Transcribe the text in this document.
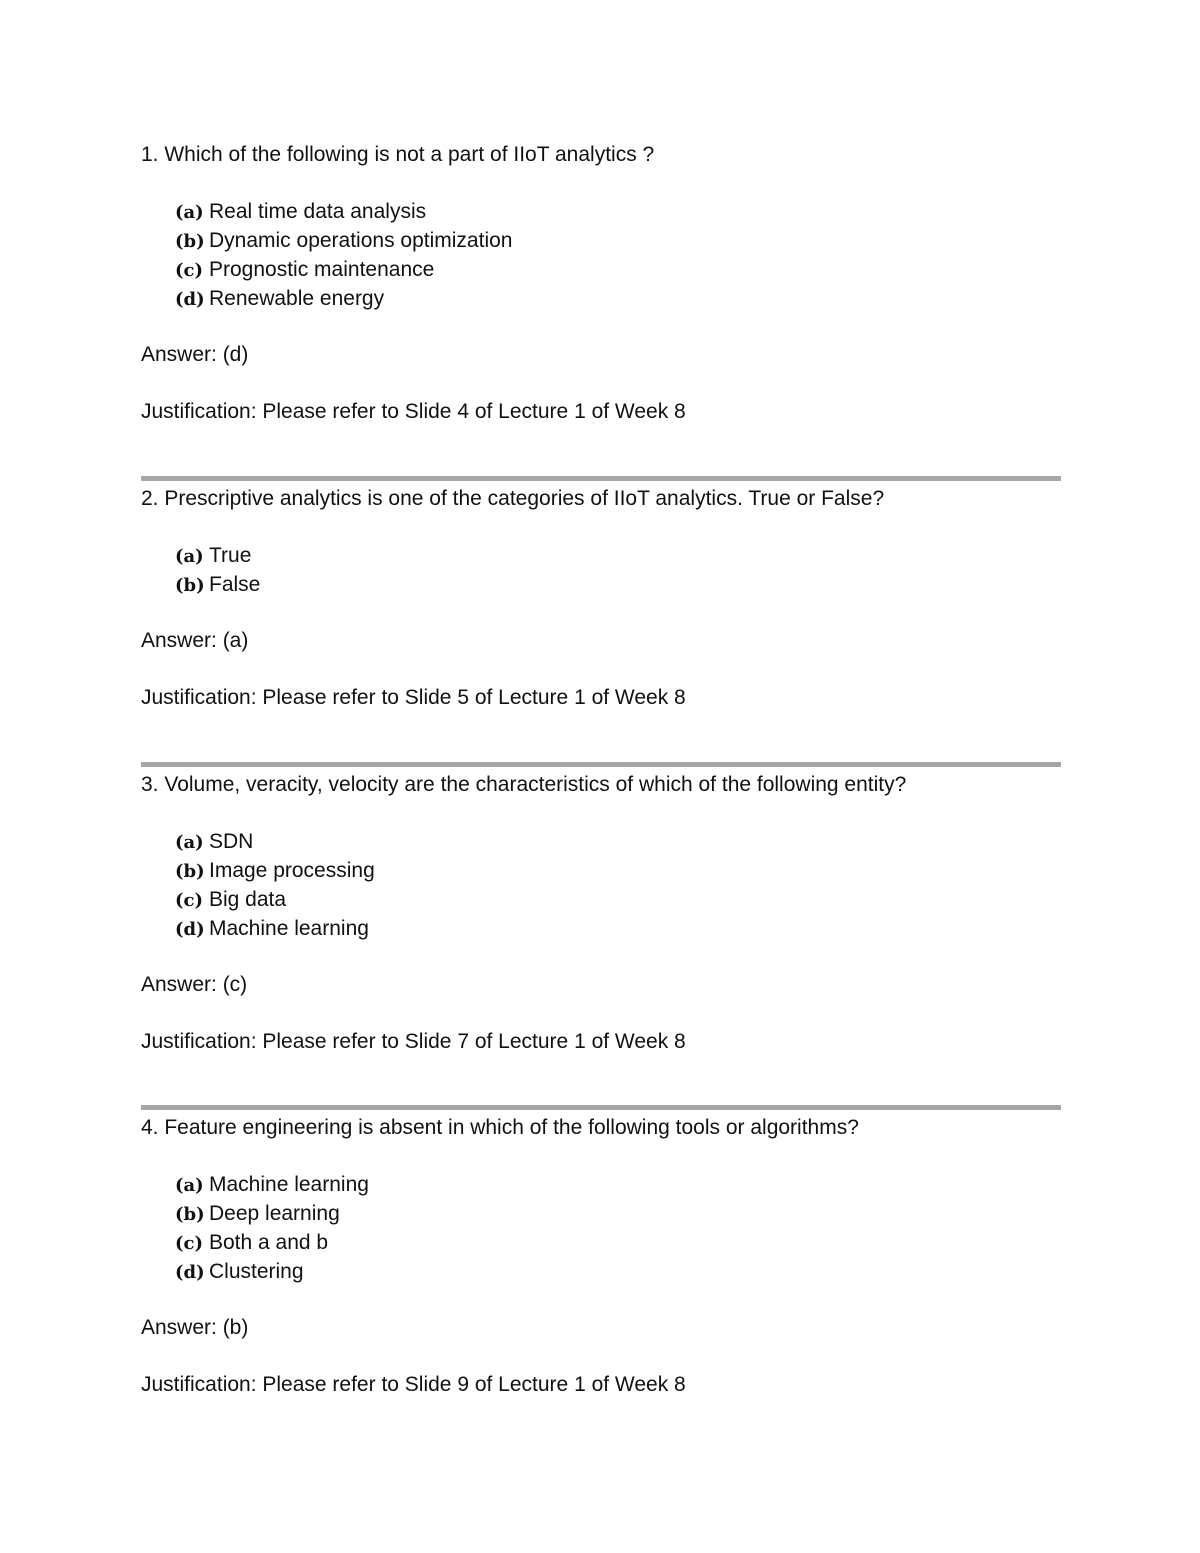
1. Which of the following is not a part of IIoT analytics ?

(a) Real time data analysis
(b) Dynamic operations optimization
(c) Prognostic maintenance
(d) Renewable energy

Answer: (d)

Justification: Please refer to Slide 4 of Lecture 1 of Week 8

2. Prescriptive analytics is one of the categories of IIoT analytics. True or False?

(a) True
(b) False

Answer: (a)

Justification: Please refer to Slide 5 of Lecture 1 of Week 8

3. Volume, veracity, velocity are the characteristics of which of the following entity?

(a) SDN
(b) Image processing
(c) Big data
(d) Machine learning

Answer: (c)

Justification: Please refer to Slide 7 of Lecture 1 of Week 8

4. Feature engineering is absent in which of the following tools or algorithms?

(a) Machine learning
(b) Deep learning
(c) Both a and b
(d) Clustering

Answer: (b)

Justification: Please refer to Slide 9 of Lecture 1 of Week 8
